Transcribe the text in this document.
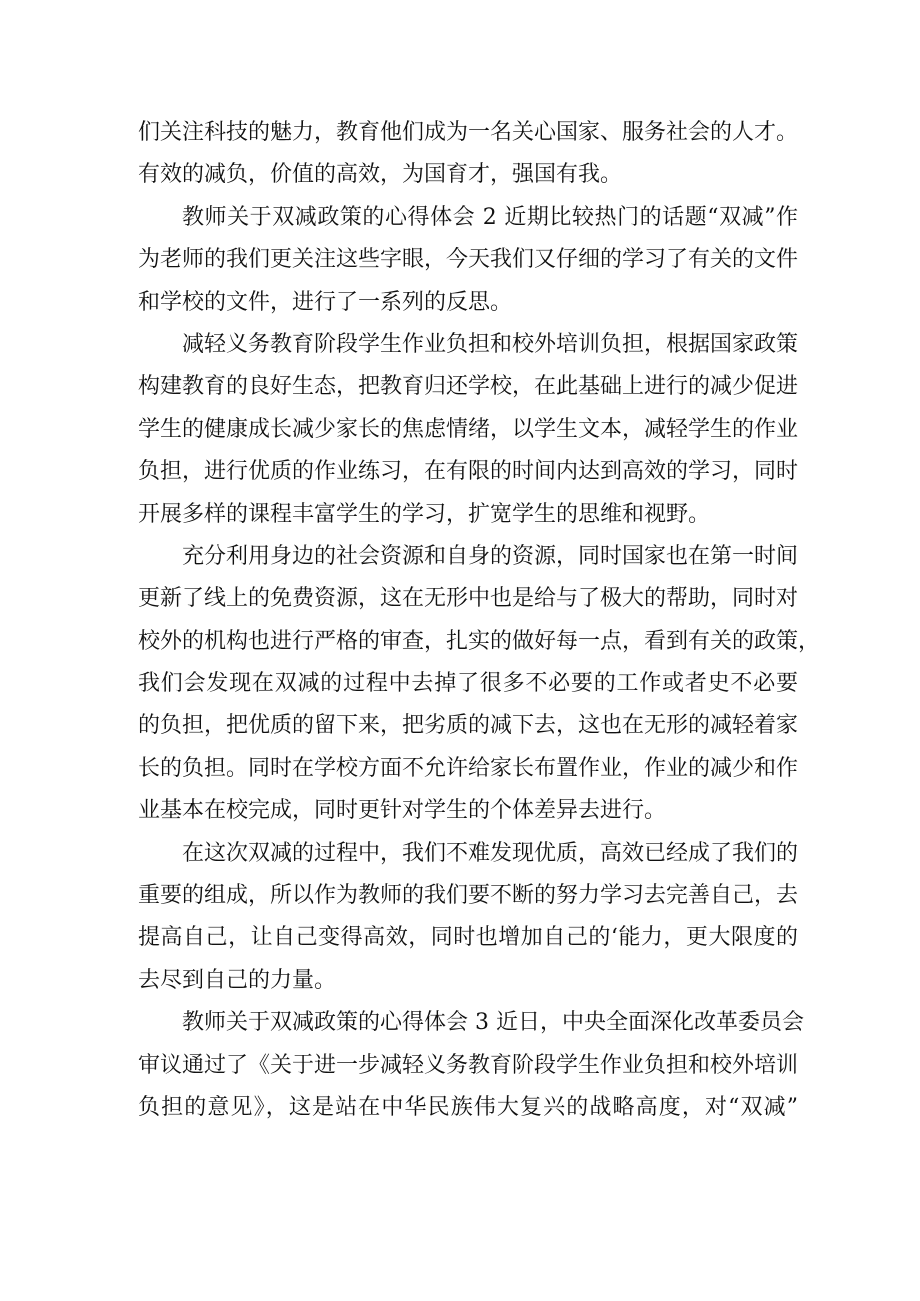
们关注科技的魅力，教育他们成为一名关心国家、服务社会的人才。
有效的减负，价值的高效，为国育才，强国有我。
教师关于双减政策的心得体会 2 近期比较热门的话题“双减”作
为老师的我们更关注这些字眼，今天我们又仔细的学习了有关的文件
和学校的文件，进行了一系列的反思。
减轻义务教育阶段学生作业负担和校外培训负担，根据国家政策
构建教育的良好生态，把教育归还学校，在此基础上进行的减少促进
学生的健康成长减少家长的焦虑情绪，以学生文本，减轻学生的作业
负担，进行优质的作业练习，在有限的时间内达到高效的学习，同时
开展多样的课程丰富学生的学习，扩宽学生的思维和视野。
充分利用身边的社会资源和自身的资源，同时国家也在第一时间
更新了线上的免费资源，这在无形中也是给与了极大的帮助，同时对
校外的机构也进行严格的审查，扎实的做好每一点，看到有关的政策，
我们会发现在双减的过程中去掉了很多不必要的工作或者史不必要
的负担，把优质的留下来，把劣质的减下去，这也在无形的减轻着家
长的负担。同时在学校方面不允许给家长布置作业，作业的减少和作
业基本在校完成，同时更针对学生的个体差异去进行。
在这次双减的过程中，我们不难发现优质，高效已经成了我们的
重要的组成，所以作为教师的我们要不断的努力学习去完善自己，去
提高自己，让自己变得高效，同时也增加自己的‘能力，更大限度的
去尽到自己的力量。
教师关于双减政策的心得体会 3 近日，中央全面深化改革委员会
审议通过了《关于进一步减轻义务教育阶段学生作业负担和校外培训
负担的意见》，这是站在中华民族伟大复兴的战略高度，对“双减”
